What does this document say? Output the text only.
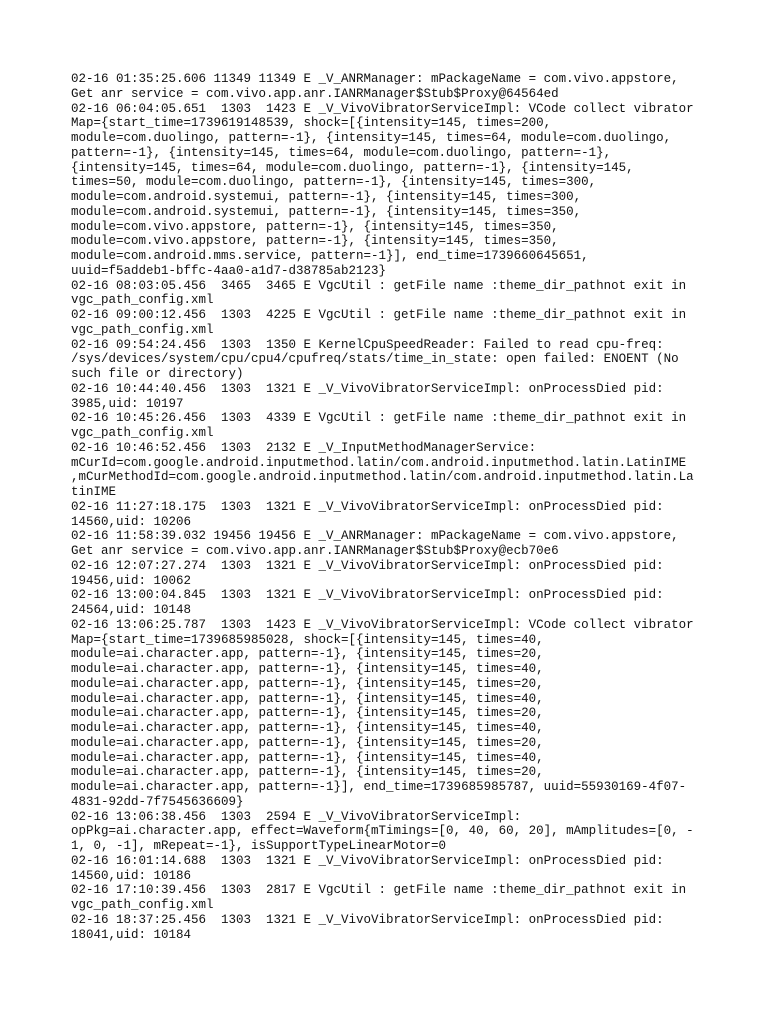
02-16 01:35:25.606 11349 11349 E _V_ANRManager: mPackageName = com.vivo.appstore,
Get anr service = com.vivo.app.anr.IANRManager$Stub$Proxy@64564ed
02-16 06:04:05.651  1303  1423 E _V_VivoVibratorServiceImpl: VCode collect vibrator
Map={start_time=1739619148539, shock=[{intensity=145, times=200,
module=com.duolingo, pattern=-1}, {intensity=145, times=64, module=com.duolingo,
pattern=-1}, {intensity=145, times=64, module=com.duolingo, pattern=-1},
{intensity=145, times=64, module=com.duolingo, pattern=-1}, {intensity=145,
times=50, module=com.duolingo, pattern=-1}, {intensity=145, times=300,
module=com.android.systemui, pattern=-1}, {intensity=145, times=300,
module=com.android.systemui, pattern=-1}, {intensity=145, times=350,
module=com.vivo.appstore, pattern=-1}, {intensity=145, times=350,
module=com.vivo.appstore, pattern=-1}, {intensity=145, times=350,
module=com.android.mms.service, pattern=-1}], end_time=1739660645651,
uuid=f5addeb1-bffc-4aa0-a1d7-d38785ab2123}
02-16 08:03:05.456  3465  3465 E VgcUtil : getFile name :theme_dir_pathnot exit in
vgc_path_config.xml
02-16 09:00:12.456  1303  4225 E VgcUtil : getFile name :theme_dir_pathnot exit in
vgc_path_config.xml
02-16 09:54:24.456  1303  1350 E KernelCpuSpeedReader: Failed to read cpu-freq:
/sys/devices/system/cpu/cpu4/cpufreq/stats/time_in_state: open failed: ENOENT (No
such file or directory)
02-16 10:44:40.456  1303  1321 E _V_VivoVibratorServiceImpl: onProcessDied pid:
3985,uid: 10197
02-16 10:45:26.456  1303  4339 E VgcUtil : getFile name :theme_dir_pathnot exit in
vgc_path_config.xml
02-16 10:46:52.456  1303  2132 E _V_InputMethodManagerService:
mCurId=com.google.android.inputmethod.latin/com.android.inputmethod.latin.LatinIME
,mCurMethodId=com.google.android.inputmethod.latin/com.android.inputmethod.latin.La
tinIME
02-16 11:27:18.175  1303  1321 E _V_VivoVibratorServiceImpl: onProcessDied pid:
14560,uid: 10206
02-16 11:58:39.032 19456 19456 E _V_ANRManager: mPackageName = com.vivo.appstore,
Get anr service = com.vivo.app.anr.IANRManager$Stub$Proxy@ecb70e6
02-16 12:07:27.274  1303  1321 E _V_VivoVibratorServiceImpl: onProcessDied pid:
19456,uid: 10062
02-16 13:00:04.845  1303  1321 E _V_VivoVibratorServiceImpl: onProcessDied pid:
24564,uid: 10148
02-16 13:06:25.787  1303  1423 E _V_VivoVibratorServiceImpl: VCode collect vibrator
Map={start_time=1739685985028, shock=[{intensity=145, times=40,
module=ai.character.app, pattern=-1}, {intensity=145, times=20,
module=ai.character.app, pattern=-1}, {intensity=145, times=40,
module=ai.character.app, pattern=-1}, {intensity=145, times=20,
module=ai.character.app, pattern=-1}, {intensity=145, times=40,
module=ai.character.app, pattern=-1}, {intensity=145, times=20,
module=ai.character.app, pattern=-1}, {intensity=145, times=40,
module=ai.character.app, pattern=-1}, {intensity=145, times=20,
module=ai.character.app, pattern=-1}, {intensity=145, times=40,
module=ai.character.app, pattern=-1}, {intensity=145, times=20,
module=ai.character.app, pattern=-1}], end_time=1739685985787, uuid=55930169-4f07-
4831-92dd-7f7545636609}
02-16 13:06:38.456  1303  2594 E _V_VivoVibratorServiceImpl:
opPkg=ai.character.app, effect=Waveform{mTimings=[0, 40, 60, 20], mAmplitudes=[0, -
1, 0, -1], mRepeat=-1}, isSupportTypeLinearMotor=0
02-16 16:01:14.688  1303  1321 E _V_VivoVibratorServiceImpl: onProcessDied pid:
14560,uid: 10186
02-16 17:10:39.456  1303  2817 E VgcUtil : getFile name :theme_dir_pathnot exit in
vgc_path_config.xml
02-16 18:37:25.456  1303  1321 E _V_VivoVibratorServiceImpl: onProcessDied pid:
18041,uid: 10184
